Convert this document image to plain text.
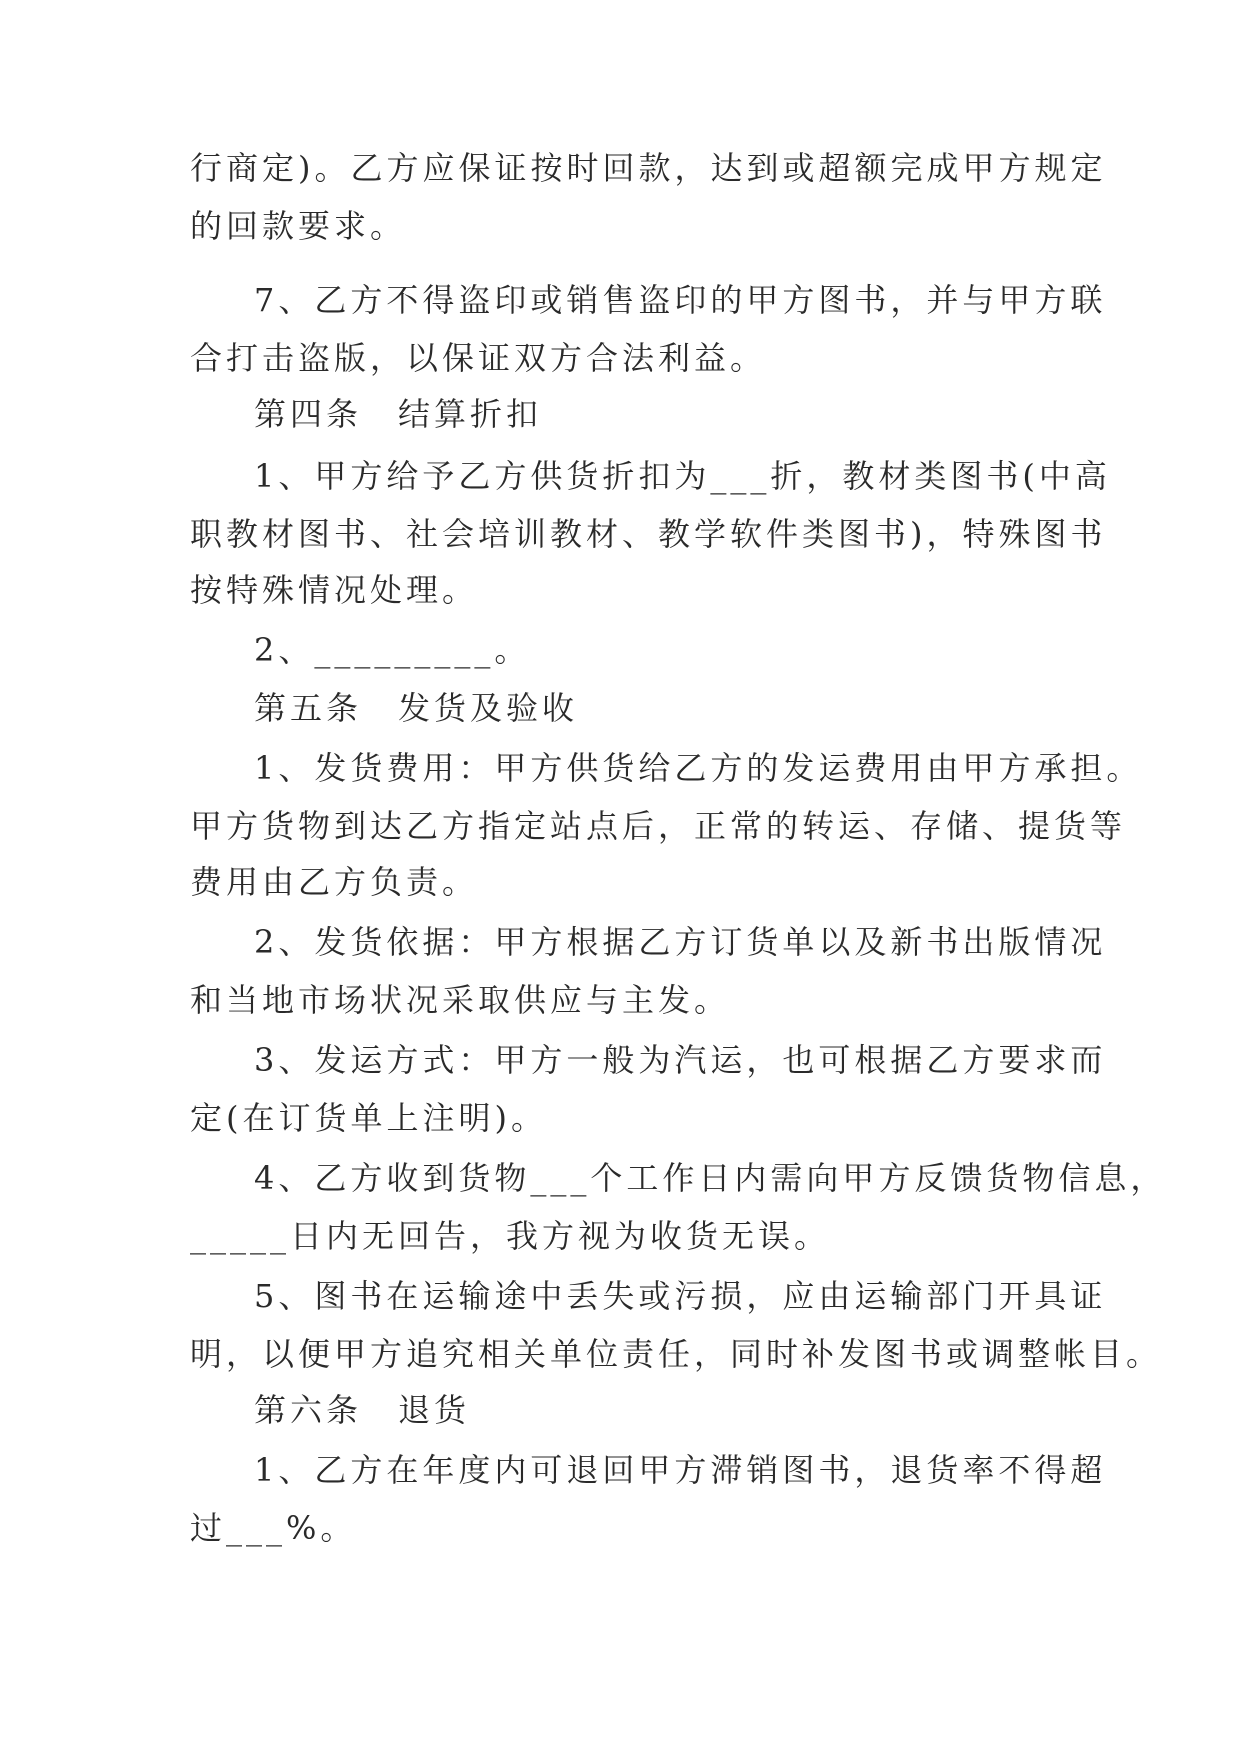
行商定)。乙方应保证按时回款，达到或超额完成甲方规定
的回款要求。
7、乙方不得盗印或销售盗印的甲方图书，并与甲方联
合打击盗版，以保证双方合法利益。
第四条　结算折扣
1、甲方给予乙方供货折扣为___折，教材类图书(中高
职教材图书、社会培训教材、教学软件类图书)，特殊图书
按特殊情况处理。
2、_________。
第五条　发货及验收
1、发货费用：甲方供货给乙方的发运费用由甲方承担。
甲方货物到达乙方指定站点后，正常的转运、存储、提货等
费用由乙方负责。
2、发货依据：甲方根据乙方订货单以及新书出版情况
和当地市场状况采取供应与主发。
3、发运方式：甲方一般为汽运，也可根据乙方要求而
定(在订货单上注明)。
4、乙方收到货物___个工作日内需向甲方反馈货物信息，
_____日内无回告，我方视为收货无误。
5、图书在运输途中丢失或污损，应由运输部门开具证
明，以便甲方追究相关单位责任，同时补发图书或调整帐目。
第六条　退货
1、乙方在年度内可退回甲方滞销图书，退货率不得超
过___%。
